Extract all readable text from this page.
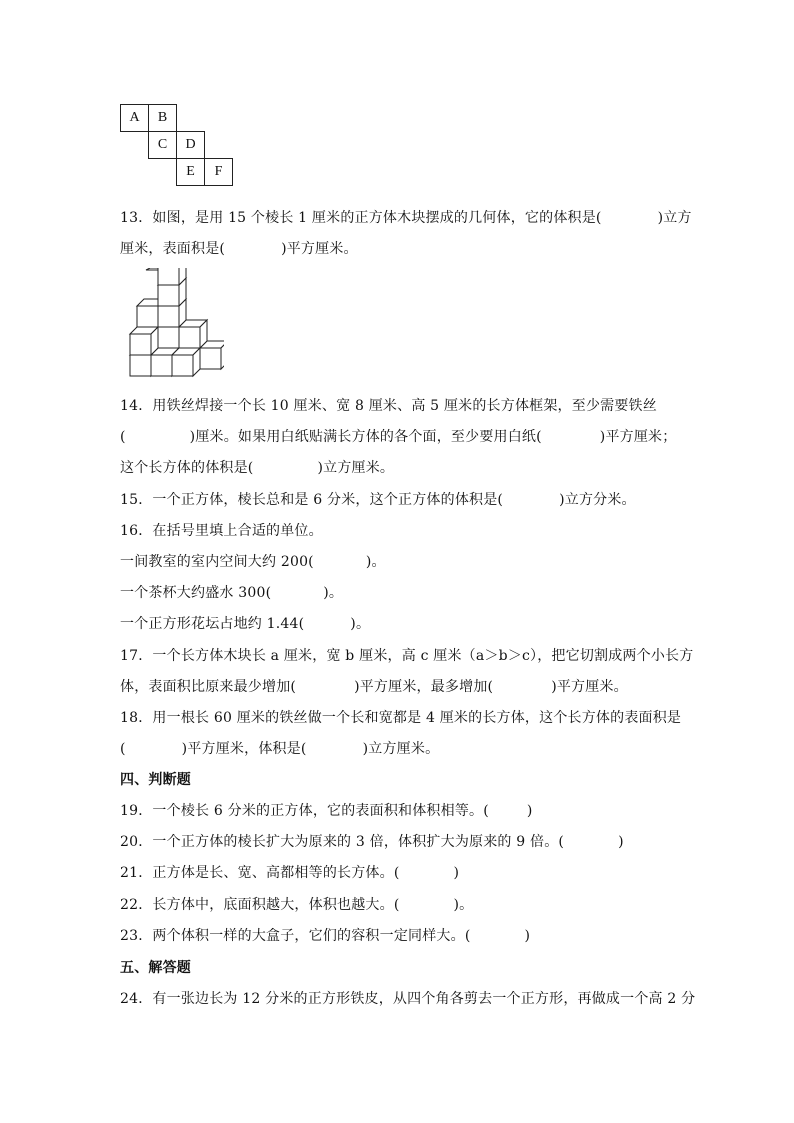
A	B
C	D
E	F
13．如图，是用 15 个棱长 1 厘米的正方体木块摆成的几何体，它的体积是(	)立方
厘米，表面积是(	)平方厘米。
14．用铁丝焊接一个长 10 厘米、宽 8 厘米、高 5 厘米的长方体框架，至少需要铁丝
(	)厘米。如果用白纸贴满长方体的各个面，至少要用白纸(	)平方厘米；
这个长方体的体积是(	)立方厘米。
15．一个正方体，棱长总和是 6 分米，这个正方体的体积是(	)立方分米。
16．在括号里填上合适的单位。
一间教室的室内空间大约 200(	)。
一个茶杯大约盛水 300(	)。
一个正方形花坛占地约 1.44(	)。
17．一个长方体木块长 a 厘米，宽 b 厘米，高 c 厘米（a＞b＞c），把它切割成两个小长方
体，表面积比原来最少增加(	)平方厘米，最多增加(	)平方厘米。
18．用一根长 60 厘米的铁丝做一个长和宽都是 4 厘米的长方体，这个长方体的表面积是
(	)平方厘米，体积是(	)立方厘米。
四、判断题
19．一个棱长 6 分米的正方体，它的表面积和体积相等。(	)
20．一个正方体的棱长扩大为原来的 3 倍，体积扩大为原来的 9 倍。(	)
21．正方体是长、宽、高都相等的长方体。(	)
22．长方体中，底面积越大，体积也越大。(	)。
23．两个体积一样的大盒子，它们的容积一定同样大。(	)
五、解答题
24．有一张边长为 12 分米的正方形铁皮，从四个角各剪去一个正方形，再做成一个高 2 分
